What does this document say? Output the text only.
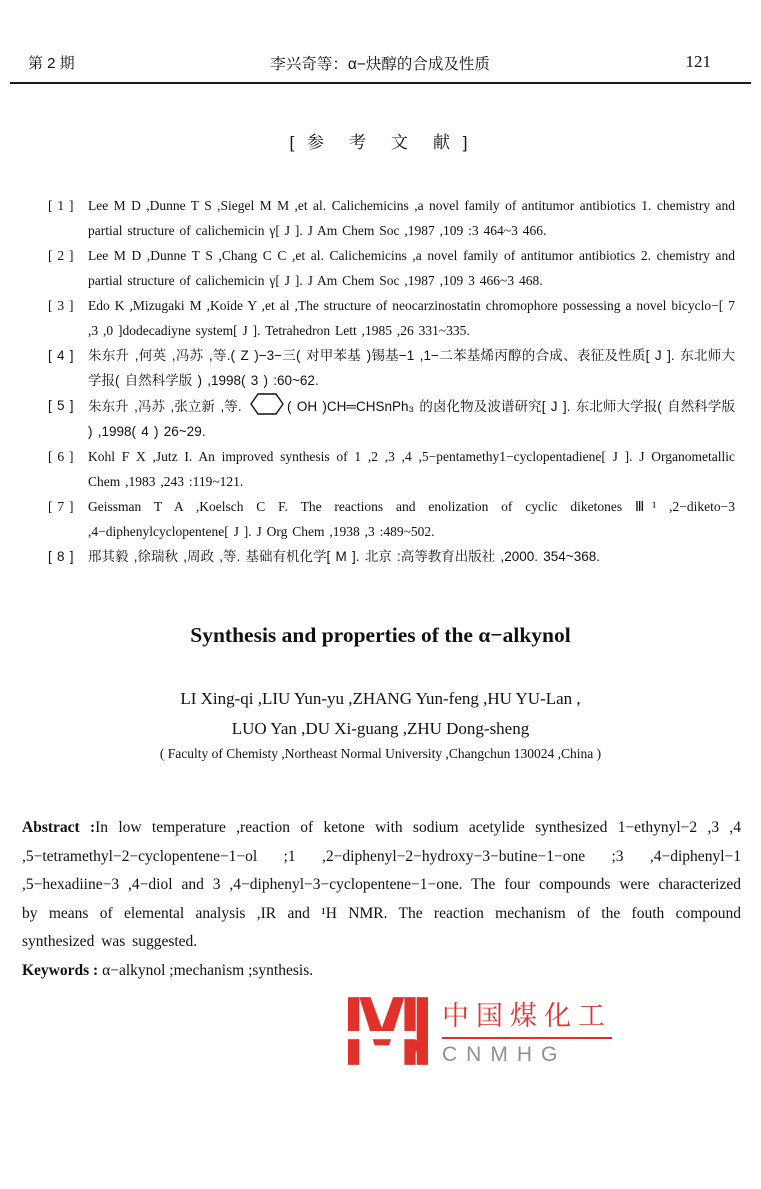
第 2 期	李兴奇等：α−炔醇的合成及性质	121
[ 参　考　文　献 ]
[ 1 ]	Lee M D ,Dunne T S ,Siegel M M ,et al. Calichemicins ,a novel family of antitumor antibiotics 1. chemistry and partial structure of calichemicin γ[ J ]. J Am Chem Soc ,1987 ,109 :3 464~3 466.
[ 2 ]	Lee M D ,Dunne T S ,Chang C C ,et al. Calichemicins ,a novel family of antitumor antibiotics 2. chemistry and partial structure of calichemicin γ[ J ]. J Am Chem Soc ,1987 ,109 3 466~3 468.
[ 3 ]	Edo K ,Mizugaki M ,Koide Y ,et al ,The structure of neocarzinostatin chromophore possessing a novel bicyclo−[ 7 ,3 ,0 ]dodecadiyne system[ J ]. Tetrahedron Lett ,1985 ,26 331~335.
[ 4 ]	朱东升 ,何英 ,冯苏 ,等.( Z )−3−三( 对甲苯基 )锡基−1 ,1−二苯基烯丙醇的合成、表征及性质[ J ]. 东北师大学报( 自然科学版 ) ,1998( 3 ) :60~62.
[ 5 ]	朱东升 ,冯苏 ,张立新 ,等.	( OH )CH═CHSnPh₃ 的卤化物及波谱研究[ J ]. 东北师大学报( 自然科学版 ) ,1998( 4 ) 26~29.
[ 6 ]	Kohl F X ,Jutz I. An improved synthesis of 1 ,2 ,3 ,4 ,5−pentamethy1−cyclopentadiene[ J ]. J Organometallic Chem ,1983 ,243 :119~121.
[ 7 ]	Geissman T A ,Koelsch C F. The reactions and enolization of cyclic diketones Ⅲ¹ ,2−diketo−3 ,4−diphenylcyclopentene[ J ]. J Org Chem ,1938 ,3 :489~502.
[ 8 ]	邢其毅 ,徐瑞秋 ,周政 ,等. 基础有机化学[ M ]. 北京 :高等教育出版社 ,2000. 354~368.
Synthesis and properties of the α−alkynol
LI Xing-qi ,LIU Yun-yu ,ZHANG Yun-feng ,HU YU-Lan ,
LUO Yan ,DU Xi-guang ,ZHU Dong-sheng
( Faculty of Chemisty ,Northeast Normal University ,Changchun 130024 ,China )

Abstract :In low temperature ,reaction of ketone with sodium acetylide synthesized 1−ethynyl−2 ,3 ,4 ,5−tetramethyl−2−cyclopentene−1−ol ;1 ,2−diphenyl−2−hydroxy−3−butine−1−one ;3 ,4−diphenyl−1 ,5−hexadiine−3 ,4−diol and 3 ,4−diphenyl−3−cyclopentene−1−one. The four compounds were characterized by means of elemental analysis ,IR and ¹H NMR. The reaction mechanism of the fouth compound synthesized was suggested.

Keywords : α−alkynol ;mechanism ;synthesis.

中国煤化工
CNMHG
